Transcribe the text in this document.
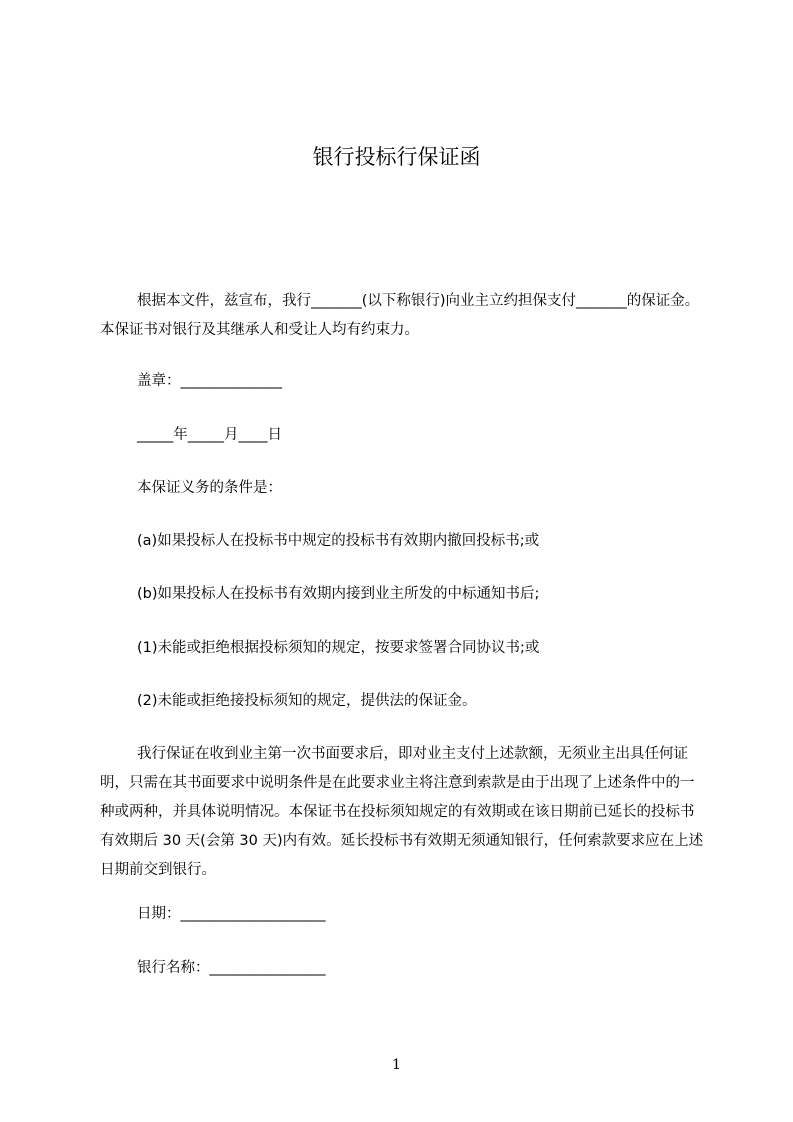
银行投标行保证函
根据本文件，兹宣布，我行_______(以下称银行)向业主立约担保支付_______的保证金。本保证书对银行及其继承人和受让人均有约束力。
盖章：______________
_____年_____月____日
本保证义务的条件是：
(a)如果投标人在投标书中规定的投标书有效期内撤回投标书;或
(b)如果投标人在投标书有效期内接到业主所发的中标通知书后;
(1)未能或拒绝根据投标须知的规定，按要求签署合同协议书;或
(2)未能或拒绝接投标须知的规定，提供法的保证金。
我行保证在收到业主第一次书面要求后，即对业主支付上述款额，无须业主出具任何证明，只需在其书面要求中说明条件是在此要求业主将注意到索款是由于出现了上述条件中的一种或两种，并具体说明情况。本保证书在投标须知规定的有效期或在该日期前已延长的投标书有效期后 30 天(会第 30 天)内有效。延长投标书有效期无须通知银行，任何索款要求应在上述日期前交到银行。
日期：____________________
银行名称：________________
1
